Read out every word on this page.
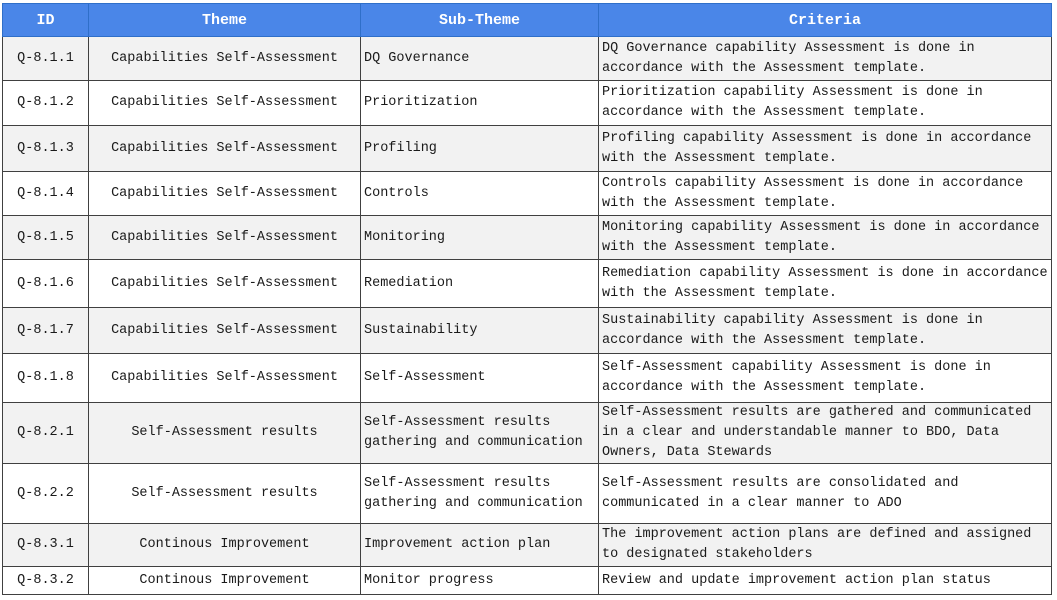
ID	Theme	Sub-Theme	Criteria
Q-8.1.1	Capabilities Self-Assessment	DQ Governance	DQ Governance capability Assessment is done in accordance with the Assessment template.
Q-8.1.2	Capabilities Self-Assessment	Prioritization	Prioritization capability Assessment is done in accordance with the Assessment template.
Q-8.1.3	Capabilities Self-Assessment	Profiling	Profiling capability Assessment is done in accordance with the Assessment template.
Q-8.1.4	Capabilities Self-Assessment	Controls	Controls capability Assessment is done in accordance with the Assessment template.
Q-8.1.5	Capabilities Self-Assessment	Monitoring	Monitoring capability Assessment is done in accordance with the Assessment template.
Q-8.1.6	Capabilities Self-Assessment	Remediation	Remediation capability Assessment is done in accordance with the Assessment template.
Q-8.1.7	Capabilities Self-Assessment	Sustainability	Sustainability capability Assessment is done in accordance with the Assessment template.
Q-8.1.8	Capabilities Self-Assessment	Self-Assessment	Self-Assessment capability Assessment is done in accordance with the Assessment template.
Q-8.2.1	Self-Assessment results	Self-Assessment results gathering and communication	Self-Assessment results are gathered and communicated in a clear and understandable manner to BDO, Data Owners, Data Stewards
Q-8.2.2	Self-Assessment results	Self-Assessment results gathering and communication	Self-Assessment results are consolidated and communicated in a clear manner to ADO
Q-8.3.1	Continous Improvement	Improvement action plan	The improvement action plans are defined and assigned to designated stakeholders
Q-8.3.2	Continous Improvement	Monitor progress	Review and update improvement action plan status
